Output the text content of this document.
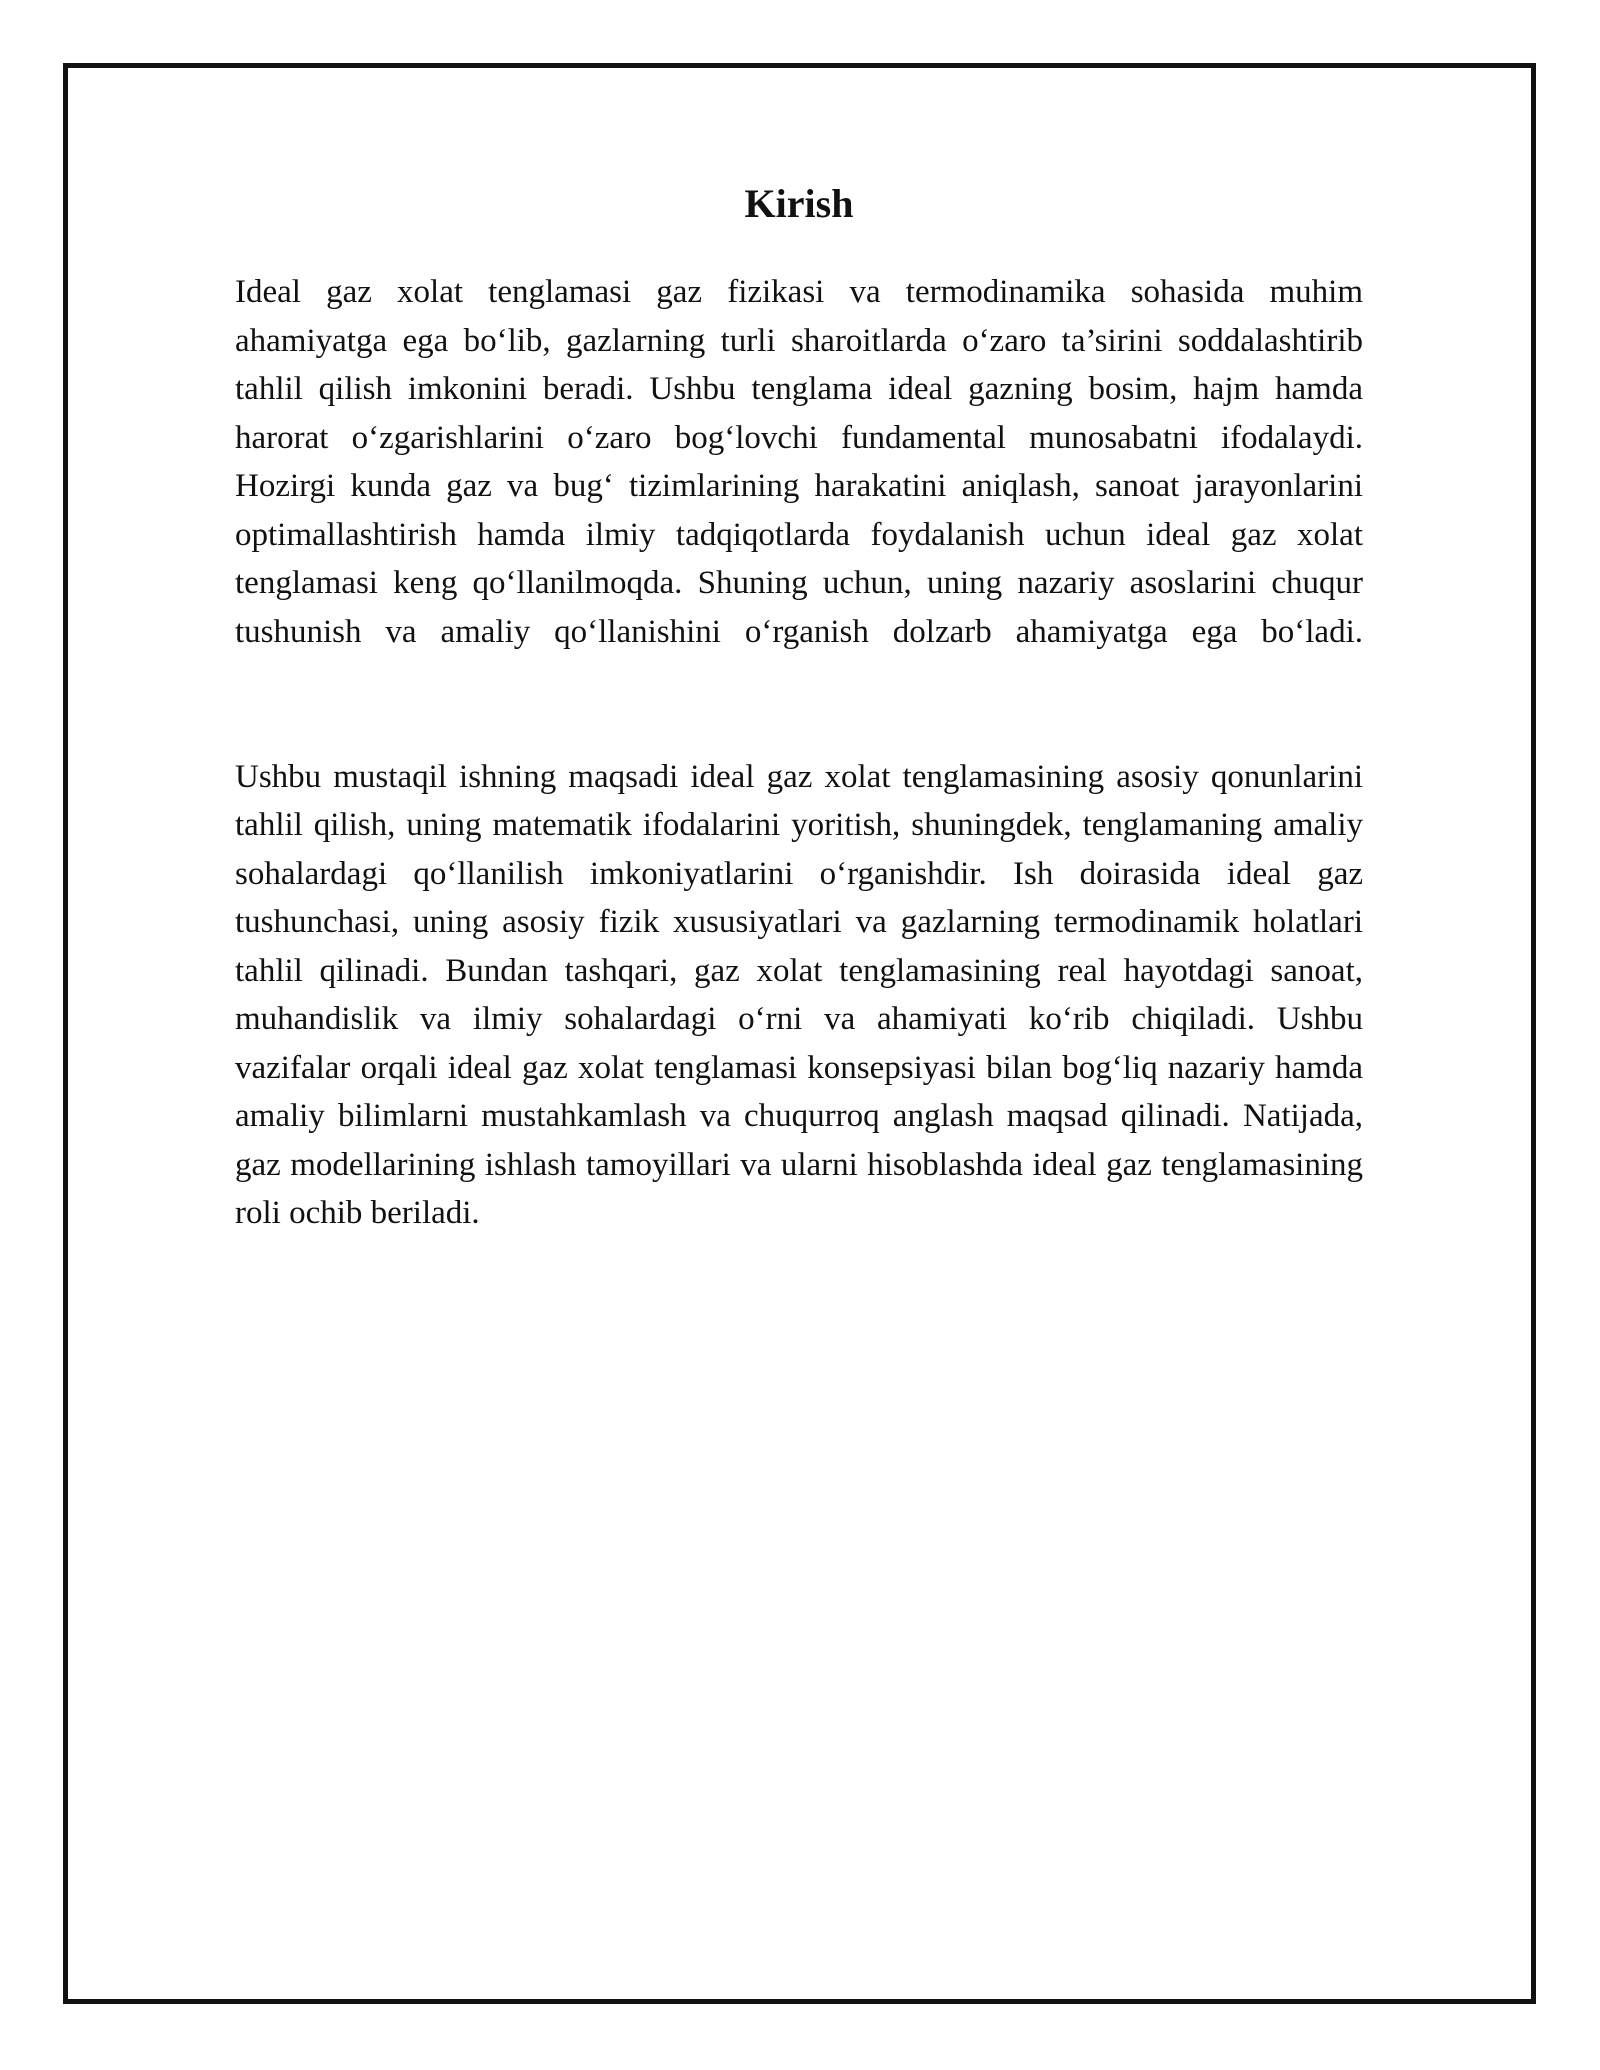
Kirish

Ideal gaz xolat tenglamasi gaz fizikasi va termodinamika sohasida muhim ahamiyatga ega bo‘lib, gazlarning turli sharoitlarda o‘zaro ta’sirini soddalashtirib tahlil qilish imkonini beradi. Ushbu tenglama ideal gazning bosim, hajm hamda harorat o‘zgarishlarini o‘zaro bog‘lovchi fundamental munosabatni ifodalaydi. Hozirgi kunda gaz va bug‘ tizimlarining harakatini aniqlash, sanoat jarayonlarini optimallashtirish hamda ilmiy tadqiqotlarda foydalanish uchun ideal gaz xolat tenglamasi keng qo‘llanilmoqda. Shuning uchun, uning nazariy asoslarini chuqur tushunish va amaliy qo‘llanishini o‘rganish dolzarb ahamiyatga ega bo‘ladi.

Ushbu mustaqil ishning maqsadi ideal gaz xolat tenglamasining asosiy qonunlarini tahlil qilish, uning matematik ifodalarini yoritish, shuningdek, tenglamaning amaliy sohalardagi qo‘llanilish imkoniyatlarini o‘rganishdir. Ish doirasida ideal gaz tushunchasi, uning asosiy fizik xususiyatlari va gazlarning termodinamik holatlari tahlil qilinadi. Bundan tashqari, gaz xolat tenglamasining real hayotdagi sanoat, muhandislik va ilmiy sohalardagi o‘rni va ahamiyati ko‘rib chiqiladi. Ushbu vazifalar orqali ideal gaz xolat tenglamasi konsepsiyasi bilan bog‘liq nazariy hamda amaliy bilimlarni mustahkamlash va chuqurroq anglash maqsad qilinadi. Natijada, gaz modellarining ishlash tamoyillari va ularni hisoblashda ideal gaz tenglamasining roli ochib beriladi.
